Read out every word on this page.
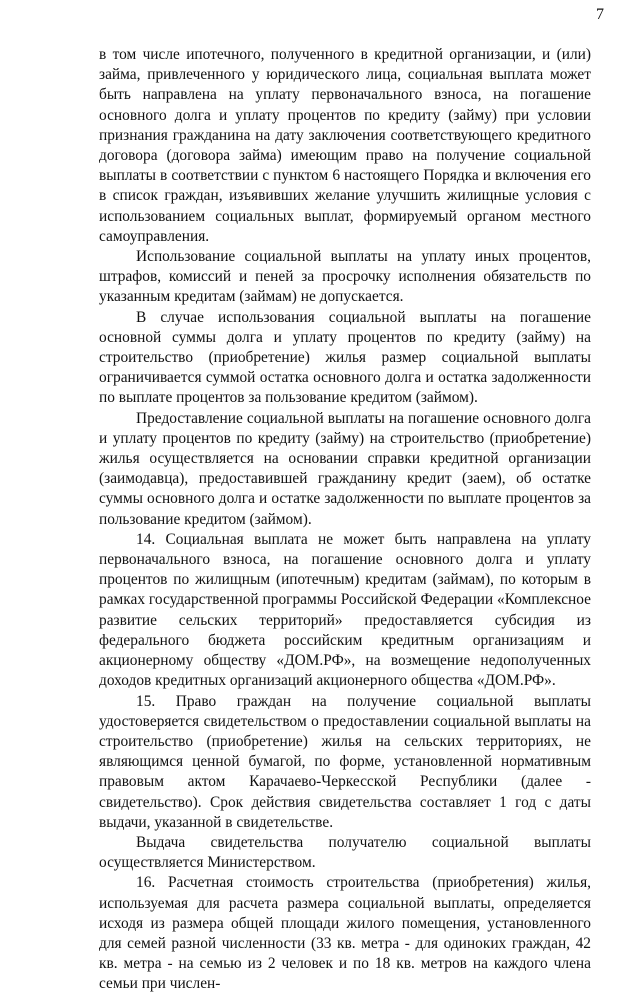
7

в том числе ипотечного, полученного в кредитной организации, и (или) займа, привлеченного у юридического лица, социальная выплата может быть направлена на уплату первоначального взноса, на погашение основного долга и уплату процентов по кредиту (займу) при условии признания гражданина на дату заключения соответствующего кредитного договора (договора займа) имеющим право на получение социальной выплаты в соответствии с пунктом 6 настоящего Порядка и включения его в список граждан, изъявивших желание улучшить жилищные условия с использованием социальных выплат, формируемый органом местного самоуправления.

Использование социальной выплаты на уплату иных процентов, штрафов, комиссий и пеней за просрочку исполнения обязательств по указанным кредитам (займам) не допускается.

В случае использования социальной выплаты на погашение основной суммы долга и уплату процентов по кредиту (займу) на строительство (приобретение) жилья размер социальной выплаты ограничивается суммой остатка основного долга и остатка задолженности по выплате процентов за пользование кредитом (займом).

Предоставление социальной выплаты на погашение основного долга и уплату процентов по кредиту (займу) на строительство (приобретение) жилья осуществляется на основании справки кредитной организации (заимодавца), предоставившей гражданину кредит (заем), об остатке суммы основного долга и остатке задолженности по выплате процентов за пользование кредитом (займом).

14. Социальная выплата не может быть направлена на уплату первоначального взноса, на погашение основного долга и уплату процентов по жилищным (ипотечным) кредитам (займам), по которым в рамках государственной программы Российской Федерации «Комплексное развитие сельских территорий» предоставляется субсидия из федерального бюджета российским кредитным организациям и акционерному обществу «ДОМ.РФ», на возмещение недополученных доходов кредитных организаций акционерного общества «ДОМ.РФ».

15. Право граждан на получение социальной выплаты удостоверяется свидетельством о предоставлении социальной выплаты на строительство (приобретение) жилья на сельских территориях, не являющимся ценной бумагой, по форме, установленной нормативным правовым актом Карачаево-Черкесской Республики (далее - свидетельство). Срок действия свидетельства составляет 1 год с даты выдачи, указанной в свидетельстве.

Выдача свидетельства получателю социальной выплаты осуществляется Министерством.

16. Расчетная стоимость строительства (приобретения) жилья, используемая для расчета размера социальной выплаты, определяется исходя из размера общей площади жилого помещения, установленного для семей разной численности (33 кв. метра - для одиноких граждан, 42 кв. метра - на семью из 2 человек и по 18 кв. метров на каждого члена семьи при числен-
